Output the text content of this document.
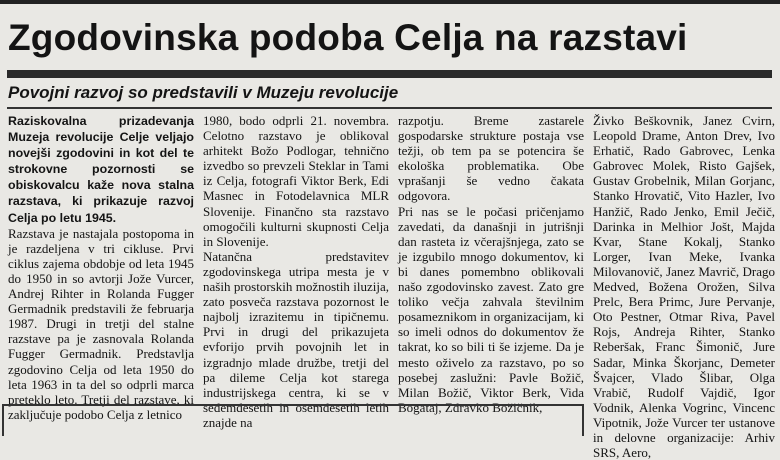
Zgodovinska podoba Celja na razstavi
Povojni razvoj so predstavili v Muzeju revolucije
Raziskovalna prizadevanja Muzeja revolucije Celje veljajo novejši zgodovini in kot del te strokovne pozornosti se obiskovalcu kaže nova stalna razstava, ki prikazuje razvoj Celja po letu 1945.
Razstava je nastajala postopoma in je razdeljena v tri cikluse. Prvi ciklus zajema obdobje od leta 1945 do 1950 in so avtorji Jože Vurcer, Andrej Rihter in Rolanda Fugger Germadnik predstavili že februarja 1987. Drugi in tretji del stalne razstave pa je zasnovala Rolanda Fugger Germadnik. Predstavlja zgodovino Celja od leta 1950 do leta 1963 in ta del so odprli marca preteklo leto. Tretji del razstave, ki zaključuje podobo Celja z letnico
1980, bodo odprli 21. novembra. Celotno razstavo je oblikoval arhitekt Božo Podlogar, tehnično izvedbo so prevzeli Steklar in Tami iz Celja, fotografi Viktor Berk, Edi Masnec in Fotodelavnica MLR Slovenije. Finančno sta razstavo omogočili kulturni skupnosti Celja in Slovenije.
Natančna predstavitev zgodovinskega utripa mesta je v naših prostorskih možnostih iluzija, zato posveča razstava pozornost le najbolj izrazitemu in tipičnemu. Prvi in drugi del prikazujeta evforijo prvih povojnih let in izgradnjo mlade družbe, tretji del pa dileme Celja kot starega industrijskega centra, ki se v sedemdesetih in osemdesetih letih znajde na
razpotju. Breme zastarele gospodarske strukture postaja vse težji, ob tem pa se potencira še ekološka problematika. Obe vprašanji še vedno čakata odgovora.
Pri nas se le počasi pričenjamo zavedati, da današnji in jutrišnji dan rasteta iz včerajšnjega, zato se je izgubilo mnogo dokumentov, ki bi danes pomembno oblikovali našo zgodovinsko zavest. Zato gre toliko večja zahvala številnim posameznikom in organizacijam, ki so imeli odnos do dokumentov že takrat, ko so bili ti še izjeme. Da je mesto oživelo za razstavo, po so posebej zaslužni: Pavle Božič, Milan Božič, Viktor Berk, Vida Bogataj, Zdravko Božičnik,
Živko Beškovnik, Janez Cvirn, Leopold Drame, Anton Drev, Ivo Erhatič, Rado Gabrovec, Lenka Gabrovec Molek, Risto Gajšek, Gustav Grobelnik, Milan Gorjanc, Stanko Hrovatič, Vito Hazler, Ivo Hanžič, Rado Jenko, Emil Ječič, Darinka in Melhior Jošt, Majda Kvar, Stane Kokalj, Stanko Lorger, Ivan Meke, Ivanka Milovanovič, Janez Mavrič, Drago Medved, Božena Orožen, Silva Prelc, Bera Primc, Jure Pervanje, Oto Pestner, Otmar Riva, Pavel Rojs, Andreja Rihter, Stanko Reberšak, Franc Šimonič, Jure Sadar, Minka Škorjanc, Demeter Švajcer, Vlado Šlibar, Olga Vrabič, Rudolf Vajdič, Igor Vodnik, Alenka Vogrinc, Vincenc Vipotnik, Jože Vurcer ter ustanove in delovne organizacije: Arhiv SRS, Aero,
